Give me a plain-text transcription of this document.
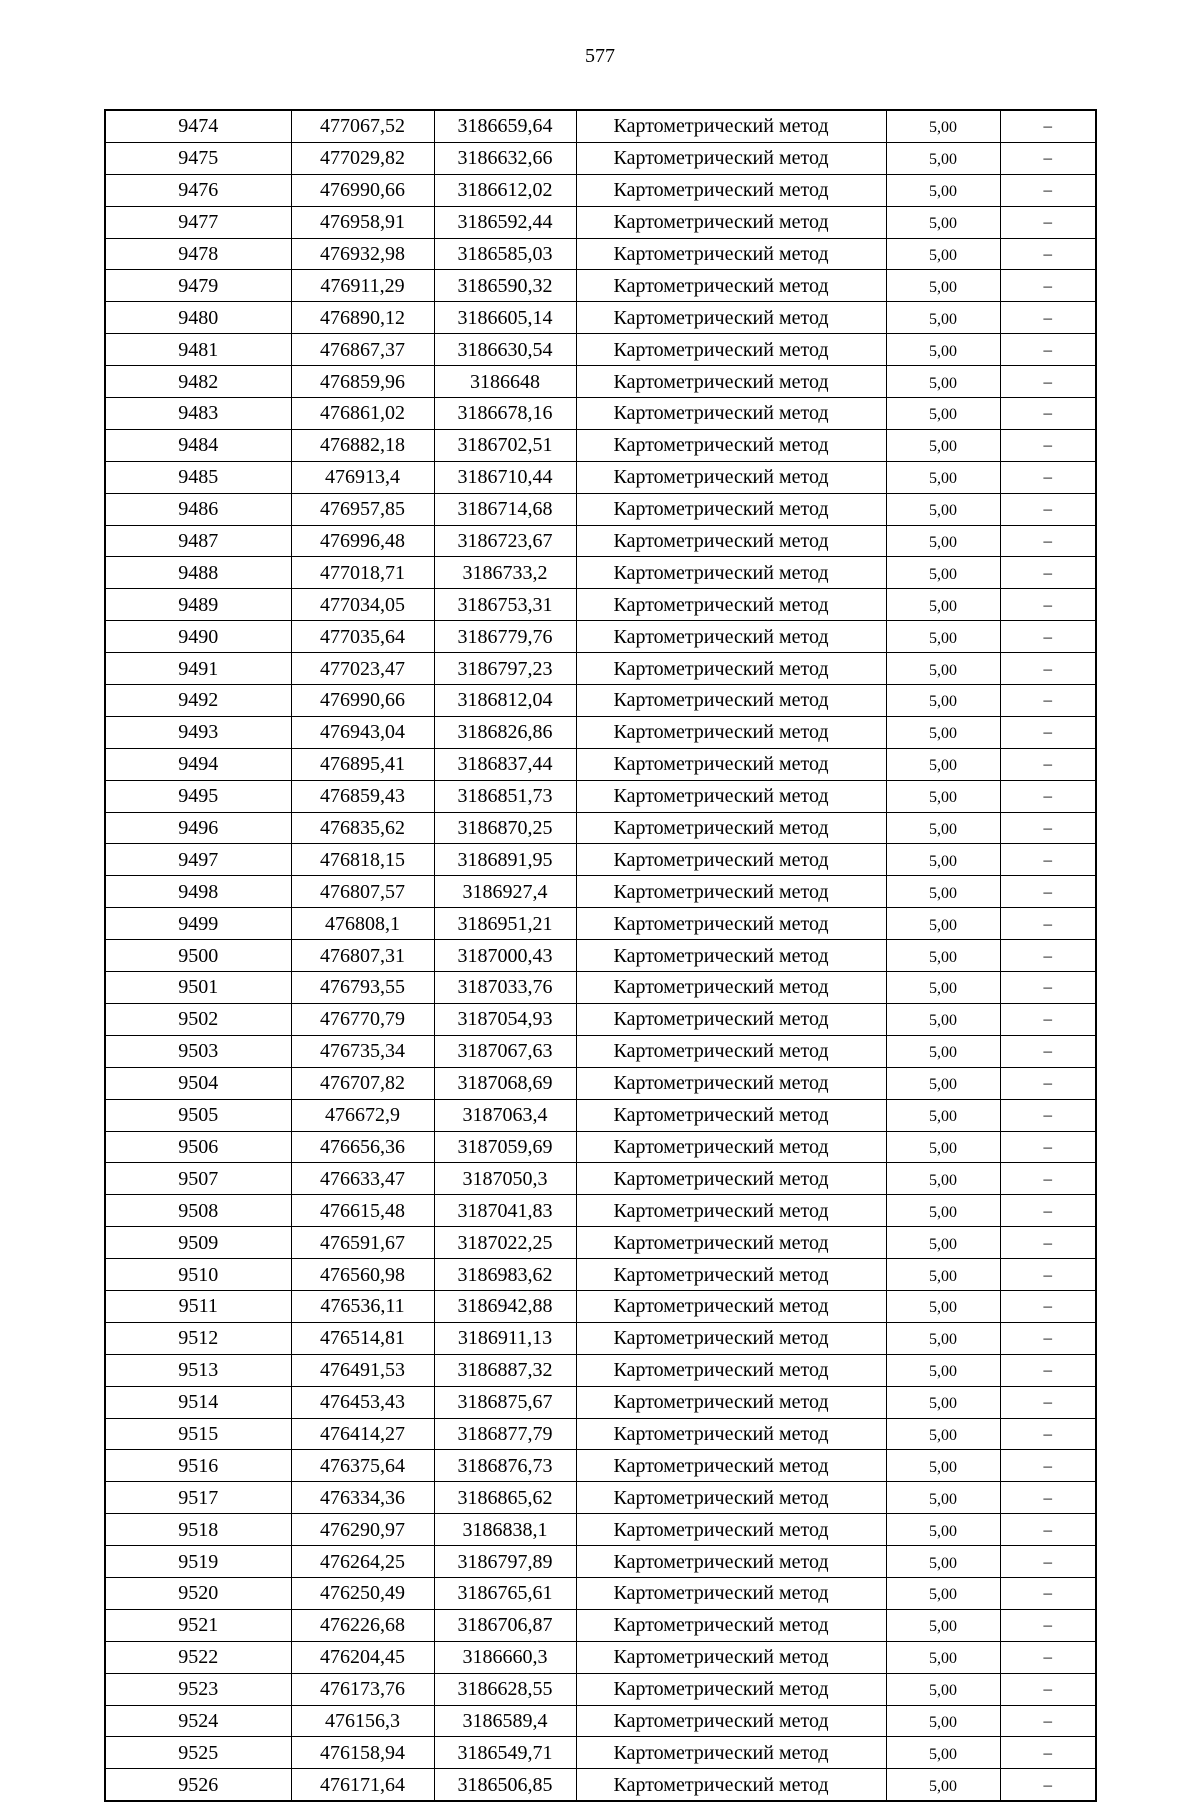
577
9474	477067,52	3186659,64	Картометрический метод	5,00	–
9475	477029,82	3186632,66	Картометрический метод	5,00	–
9476	476990,66	3186612,02	Картометрический метод	5,00	–
9477	476958,91	3186592,44	Картометрический метод	5,00	–
9478	476932,98	3186585,03	Картометрический метод	5,00	–
9479	476911,29	3186590,32	Картометрический метод	5,00	–
9480	476890,12	3186605,14	Картометрический метод	5,00	–
9481	476867,37	3186630,54	Картометрический метод	5,00	–
9482	476859,96	3186648	Картометрический метод	5,00	–
9483	476861,02	3186678,16	Картометрический метод	5,00	–
9484	476882,18	3186702,51	Картометрический метод	5,00	–
9485	476913,4	3186710,44	Картометрический метод	5,00	–
9486	476957,85	3186714,68	Картометрический метод	5,00	–
9487	476996,48	3186723,67	Картометрический метод	5,00	–
9488	477018,71	3186733,2	Картометрический метод	5,00	–
9489	477034,05	3186753,31	Картометрический метод	5,00	–
9490	477035,64	3186779,76	Картометрический метод	5,00	–
9491	477023,47	3186797,23	Картометрический метод	5,00	–
9492	476990,66	3186812,04	Картометрический метод	5,00	–
9493	476943,04	3186826,86	Картометрический метод	5,00	–
9494	476895,41	3186837,44	Картометрический метод	5,00	–
9495	476859,43	3186851,73	Картометрический метод	5,00	–
9496	476835,62	3186870,25	Картометрический метод	5,00	–
9497	476818,15	3186891,95	Картометрический метод	5,00	–
9498	476807,57	3186927,4	Картометрический метод	5,00	–
9499	476808,1	3186951,21	Картометрический метод	5,00	–
9500	476807,31	3187000,43	Картометрический метод	5,00	–
9501	476793,55	3187033,76	Картометрический метод	5,00	–
9502	476770,79	3187054,93	Картометрический метод	5,00	–
9503	476735,34	3187067,63	Картометрический метод	5,00	–
9504	476707,82	3187068,69	Картометрический метод	5,00	–
9505	476672,9	3187063,4	Картометрический метод	5,00	–
9506	476656,36	3187059,69	Картометрический метод	5,00	–
9507	476633,47	3187050,3	Картометрический метод	5,00	–
9508	476615,48	3187041,83	Картометрический метод	5,00	–
9509	476591,67	3187022,25	Картометрический метод	5,00	–
9510	476560,98	3186983,62	Картометрический метод	5,00	–
9511	476536,11	3186942,88	Картометрический метод	5,00	–
9512	476514,81	3186911,13	Картометрический метод	5,00	–
9513	476491,53	3186887,32	Картометрический метод	5,00	–
9514	476453,43	3186875,67	Картометрический метод	5,00	–
9515	476414,27	3186877,79	Картометрический метод	5,00	–
9516	476375,64	3186876,73	Картометрический метод	5,00	–
9517	476334,36	3186865,62	Картометрический метод	5,00	–
9518	476290,97	3186838,1	Картометрический метод	5,00	–
9519	476264,25	3186797,89	Картометрический метод	5,00	–
9520	476250,49	3186765,61	Картометрический метод	5,00	–
9521	476226,68	3186706,87	Картометрический метод	5,00	–
9522	476204,45	3186660,3	Картометрический метод	5,00	–
9523	476173,76	3186628,55	Картометрический метод	5,00	–
9524	476156,3	3186589,4	Картометрический метод	5,00	–
9525	476158,94	3186549,71	Картометрический метод	5,00	–
9526	476171,64	3186506,85	Картометрический метод	5,00	–
